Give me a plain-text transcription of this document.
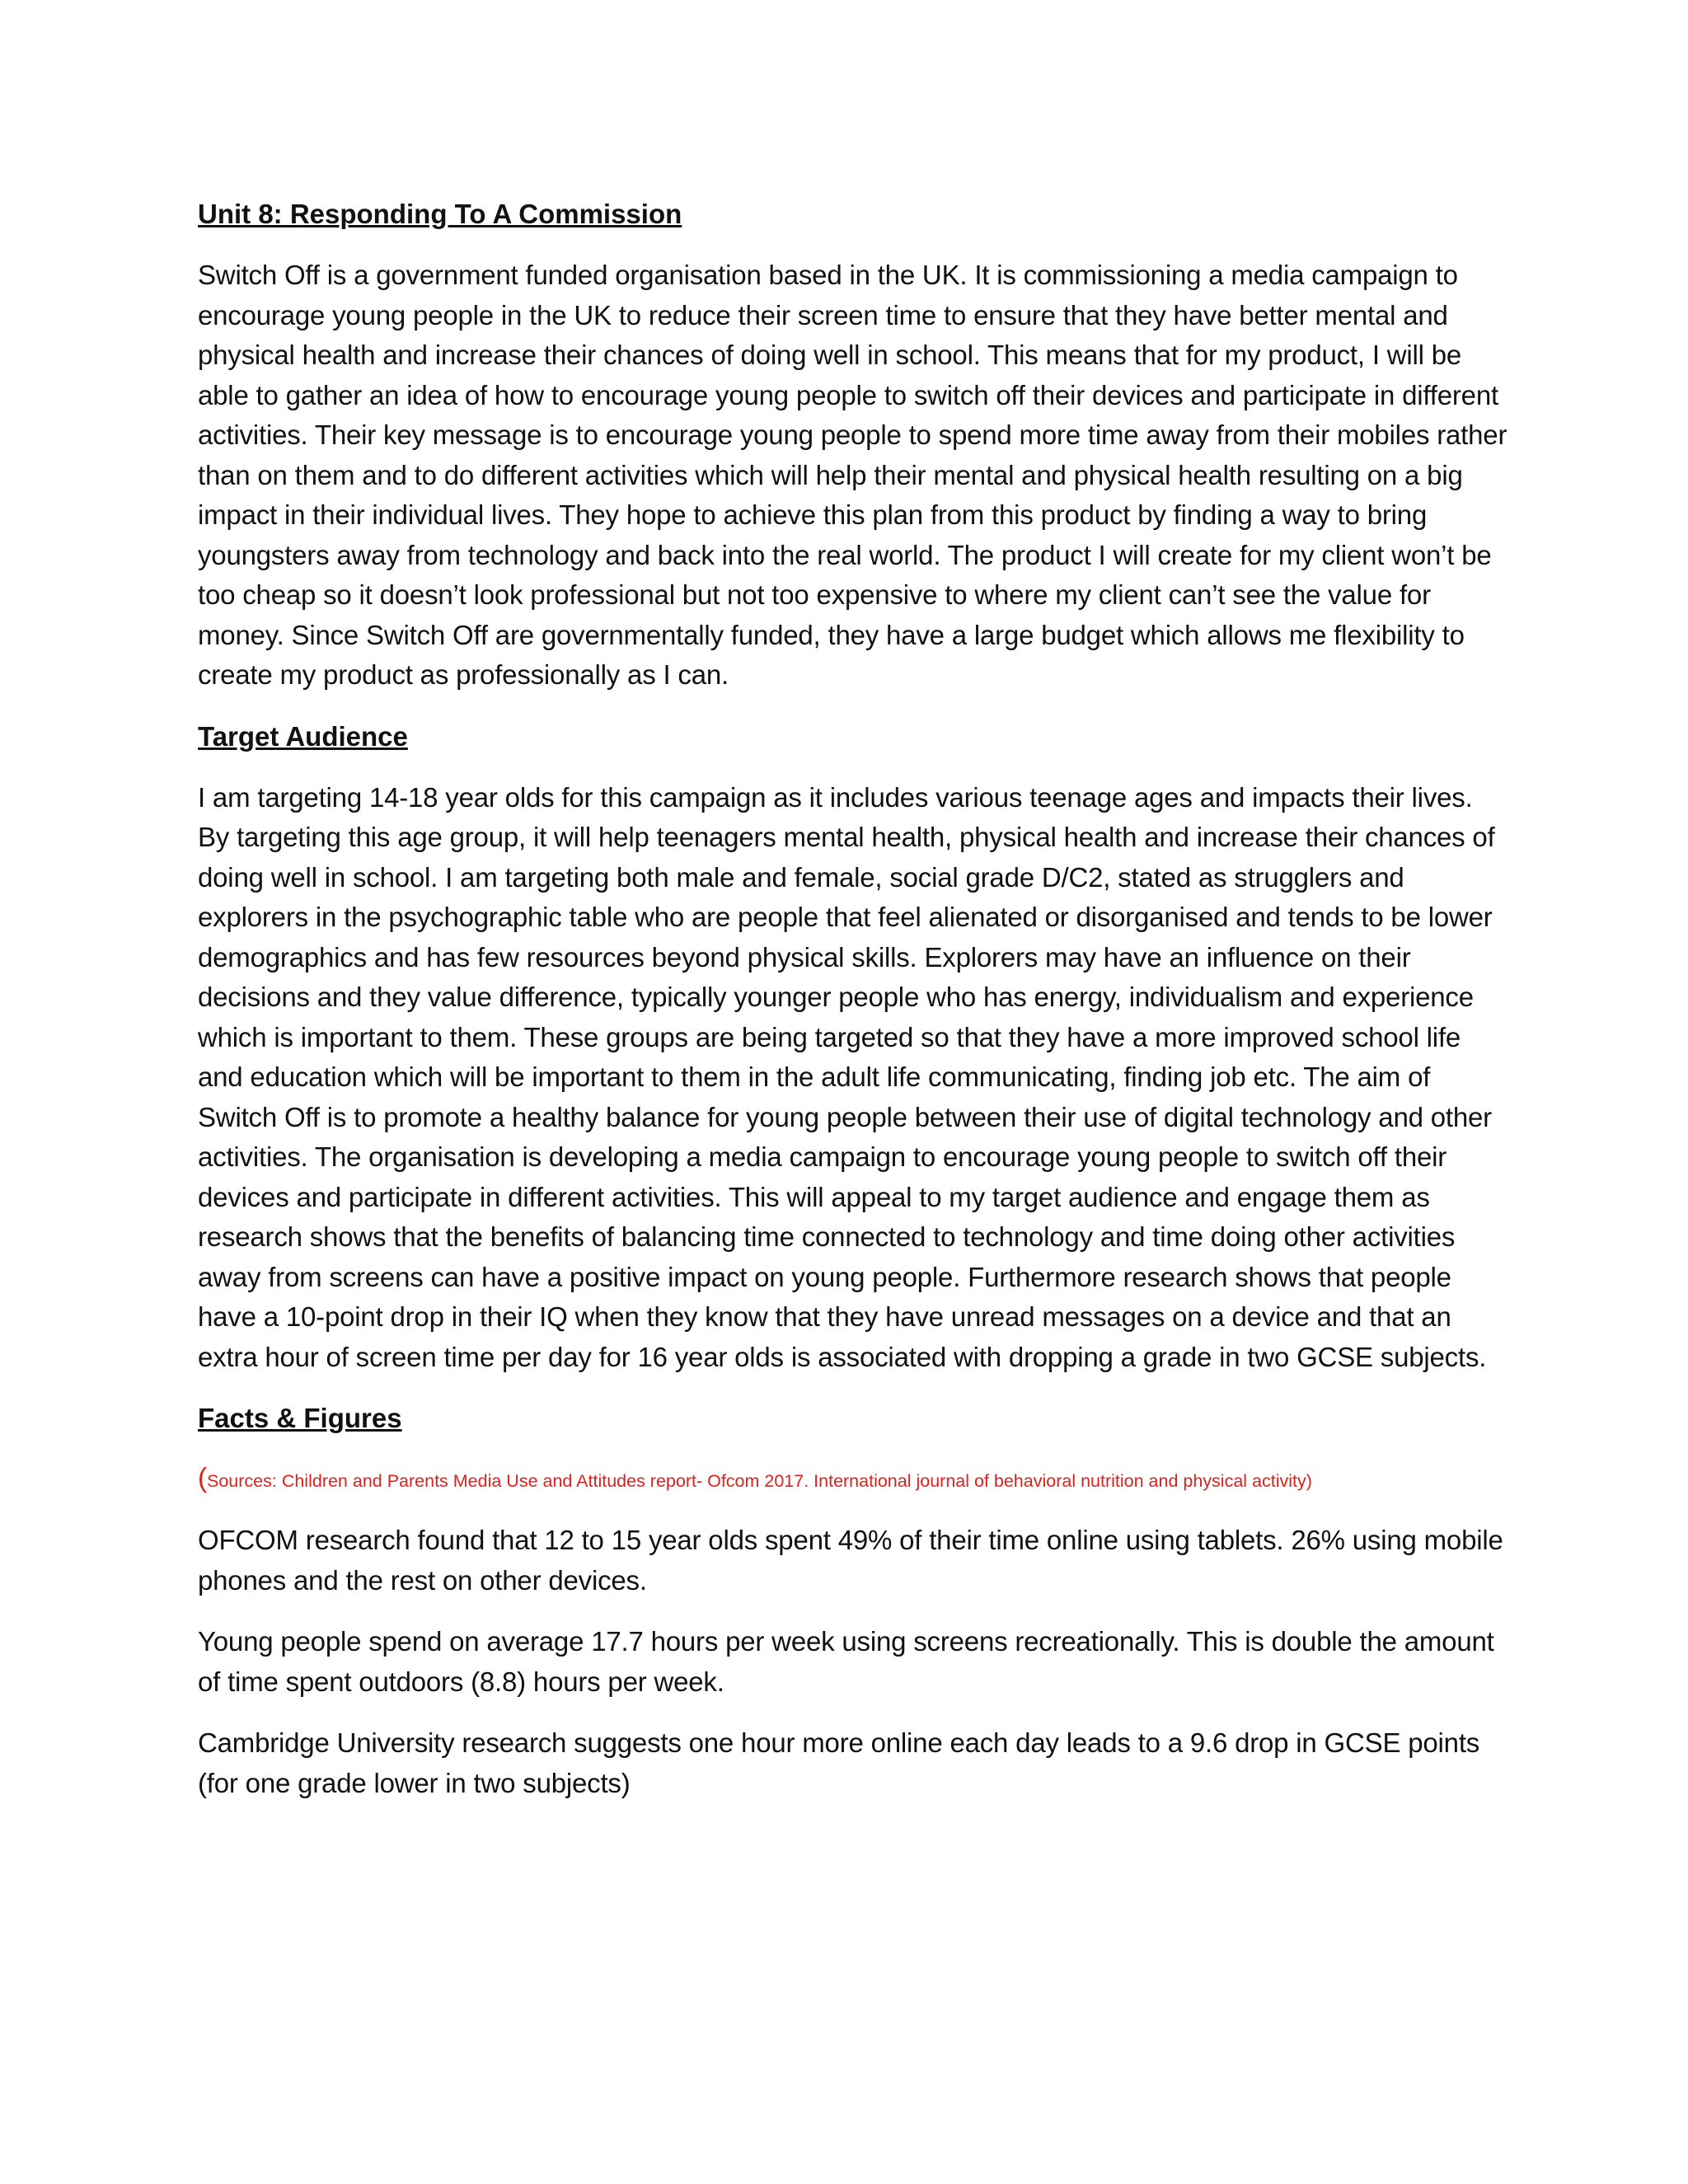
Unit 8: Responding To A Commission

Switch Off is a government funded organisation based in the UK. It is commissioning a media campaign to encourage young people in the UK to reduce their screen time to ensure that they have better mental and physical health and increase their chances of doing well in school. This means that for my product, I will be able to gather an idea of how to encourage young people to switch off their devices and participate in different activities. Their key message is to encourage young people to spend more time away from their mobiles rather than on them and to do different activities which will help their mental and physical health resulting on a big impact in their individual lives. They hope to achieve this plan from this product by finding a way to bring youngsters away from technology and back into the real world. The product I will create for my client won’t be too cheap so it doesn’t look professional but not too expensive to where my client can’t see the value for money. Since Switch Off are governmentally funded, they have a large budget which allows me flexibility to create my product as professionally as I can.

Target Audience

I am targeting 14-18 year olds for this campaign as it includes various teenage ages and impacts their lives. By targeting this age group, it will help teenagers mental health, physical health and increase their chances of doing well in school. I am targeting both male and female, social grade D/C2, stated as strugglers and explorers in the psychographic table who are people that feel alienated or disorganised and tends to be lower demographics and has few resources beyond physical skills. Explorers may have an influence on their decisions and they value difference, typically younger people who has energy, individualism and experience which is important to them. These groups are being targeted so that they have a more improved school life and education which will be important to them in the adult life communicating, finding job etc. The aim of Switch Off is to promote a healthy balance for young people between their use of digital technology and other activities. The organisation is developing a media campaign to encourage young people to switch off their devices and participate in different activities. This will appeal to my target audience and engage them as research shows that the benefits of balancing time connected to technology and time doing other activities away from screens can have a positive impact on young people. Furthermore research shows that people have a 10-point drop in their IQ when they know that they have unread messages on a device and that an extra hour of screen time per day for 16 year olds is associated with dropping a grade in two GCSE subjects.

Facts & Figures

(Sources: Children and Parents Media Use and Attitudes report- Ofcom 2017. International journal of behavioral nutrition and physical activity)

OFCOM research found that 12 to 15 year olds spent 49% of their time online using tablets. 26% using mobile phones and the rest on other devices.

Young people spend on average 17.7 hours per week using screens recreationally. This is double the amount of time spent outdoors (8.8) hours per week.

Cambridge University research suggests one hour more online each day leads to a 9.6 drop in GCSE points (for one grade lower in two subjects)
